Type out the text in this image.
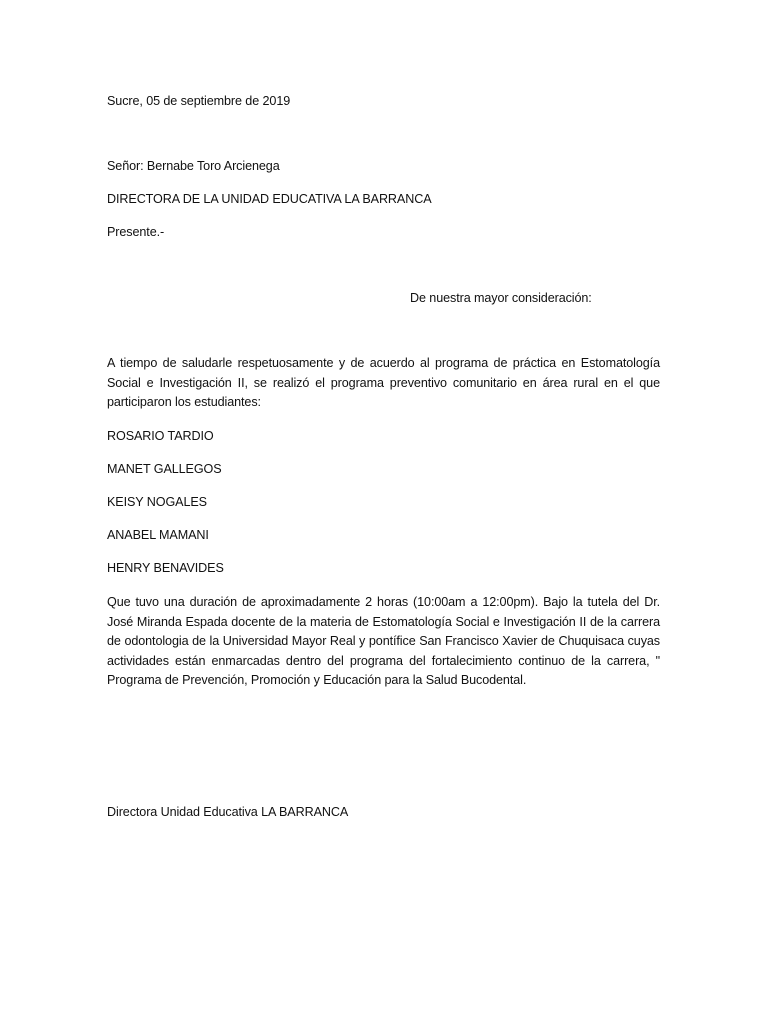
Sucre, 05 de septiembre de 2019
Señor: Bernabe Toro Arcienega
DIRECTORA DE LA UNIDAD EDUCATIVA LA BARRANCA
Presente.-
De nuestra mayor consideración:
A tiempo de saludarle respetuosamente y de acuerdo al programa de práctica en Estomatología Social e Investigación II, se realizó el programa preventivo comunitario en área rural en el que participaron los estudiantes:
ROSARIO TARDIO
MANET GALLEGOS
KEISY NOGALES
ANABEL MAMANI
HENRY BENAVIDES
Que tuvo una duración de aproximadamente 2 horas (10:00am a 12:00pm). Bajo la tutela del Dr. José Miranda Espada docente de la materia de Estomatología Social e Investigación II de la carrera de odontologia de la Universidad Mayor Real y pontífice San Francisco Xavier de Chuquisaca cuyas actividades están enmarcadas dentro del programa del fortalecimiento continuo de la carrera, " Programa de Prevención, Promoción y Educación para la Salud Bucodental.
Directora Unidad Educativa LA BARRANCA
